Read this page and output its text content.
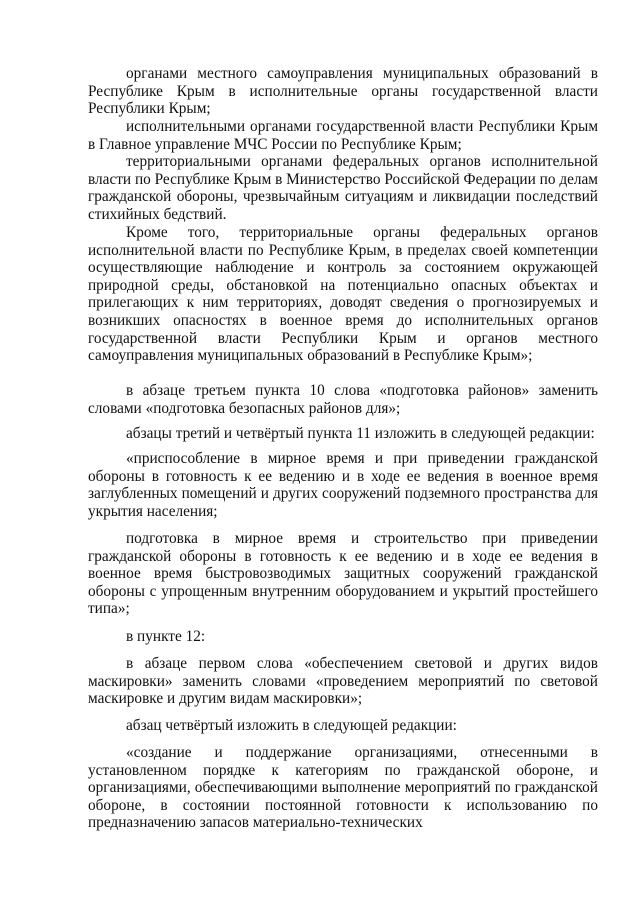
органами местного самоуправления муниципальных образований в Республике Крым в исполнительные органы государственной власти Республики Крым;

исполнительными органами государственной власти Республики Крым в Главное управление МЧС России по Республике Крым;

территориальными органами федеральных органов исполнительной власти по Республике Крым в Министерство Российской Федерации по делам гражданской обороны, чрезвычайным ситуациям и ликвидации последствий стихийных бедствий.

Кроме того, территориальные органы федеральных органов исполнительной власти по Республике Крым, в пределах своей компетенции осуществляющие наблюдение и контроль за состоянием окружающей природной среды, обстановкой на потенциально опасных объектах и прилегающих к ним территориях, доводят сведения о прогнозируемых и возникших опасностях в военное время до исполнительных органов государственной власти Республики Крым и органов местного самоуправления муниципальных образований в Республике Крым»;

в абзаце третьем пункта 10 слова «подготовка районов» заменить словами «подготовка безопасных районов для»;

абзацы третий и четвёртый пункта 11 изложить в следующей редакции:

«приспособление в мирное время и при приведении гражданской обороны в готовность к ее ведению и в ходе ее ведения в военное время заглубленных помещений и других сооружений подземного пространства для укрытия населения;

подготовка в мирное время и строительство при приведении гражданской обороны в готовность к ее ведению и в ходе ее ведения в военное время быстровозводимых защитных сооружений гражданской обороны с упрощенным внутренним оборудованием и укрытий простейшего типа»;

в пункте 12:

в абзаце первом слова «обеспечением световой и других видов маскировки» заменить словами «проведением мероприятий по световой маскировке и другим видам маскировки»;

абзац четвёртый изложить в следующей редакции:

«создание и поддержание организациями, отнесенными в установленном порядке к категориям по гражданской обороне, и организациями, обеспечивающими выполнение мероприятий по гражданской обороне, в состоянии постоянной готовности к использованию по предназначению запасов материально-технических
